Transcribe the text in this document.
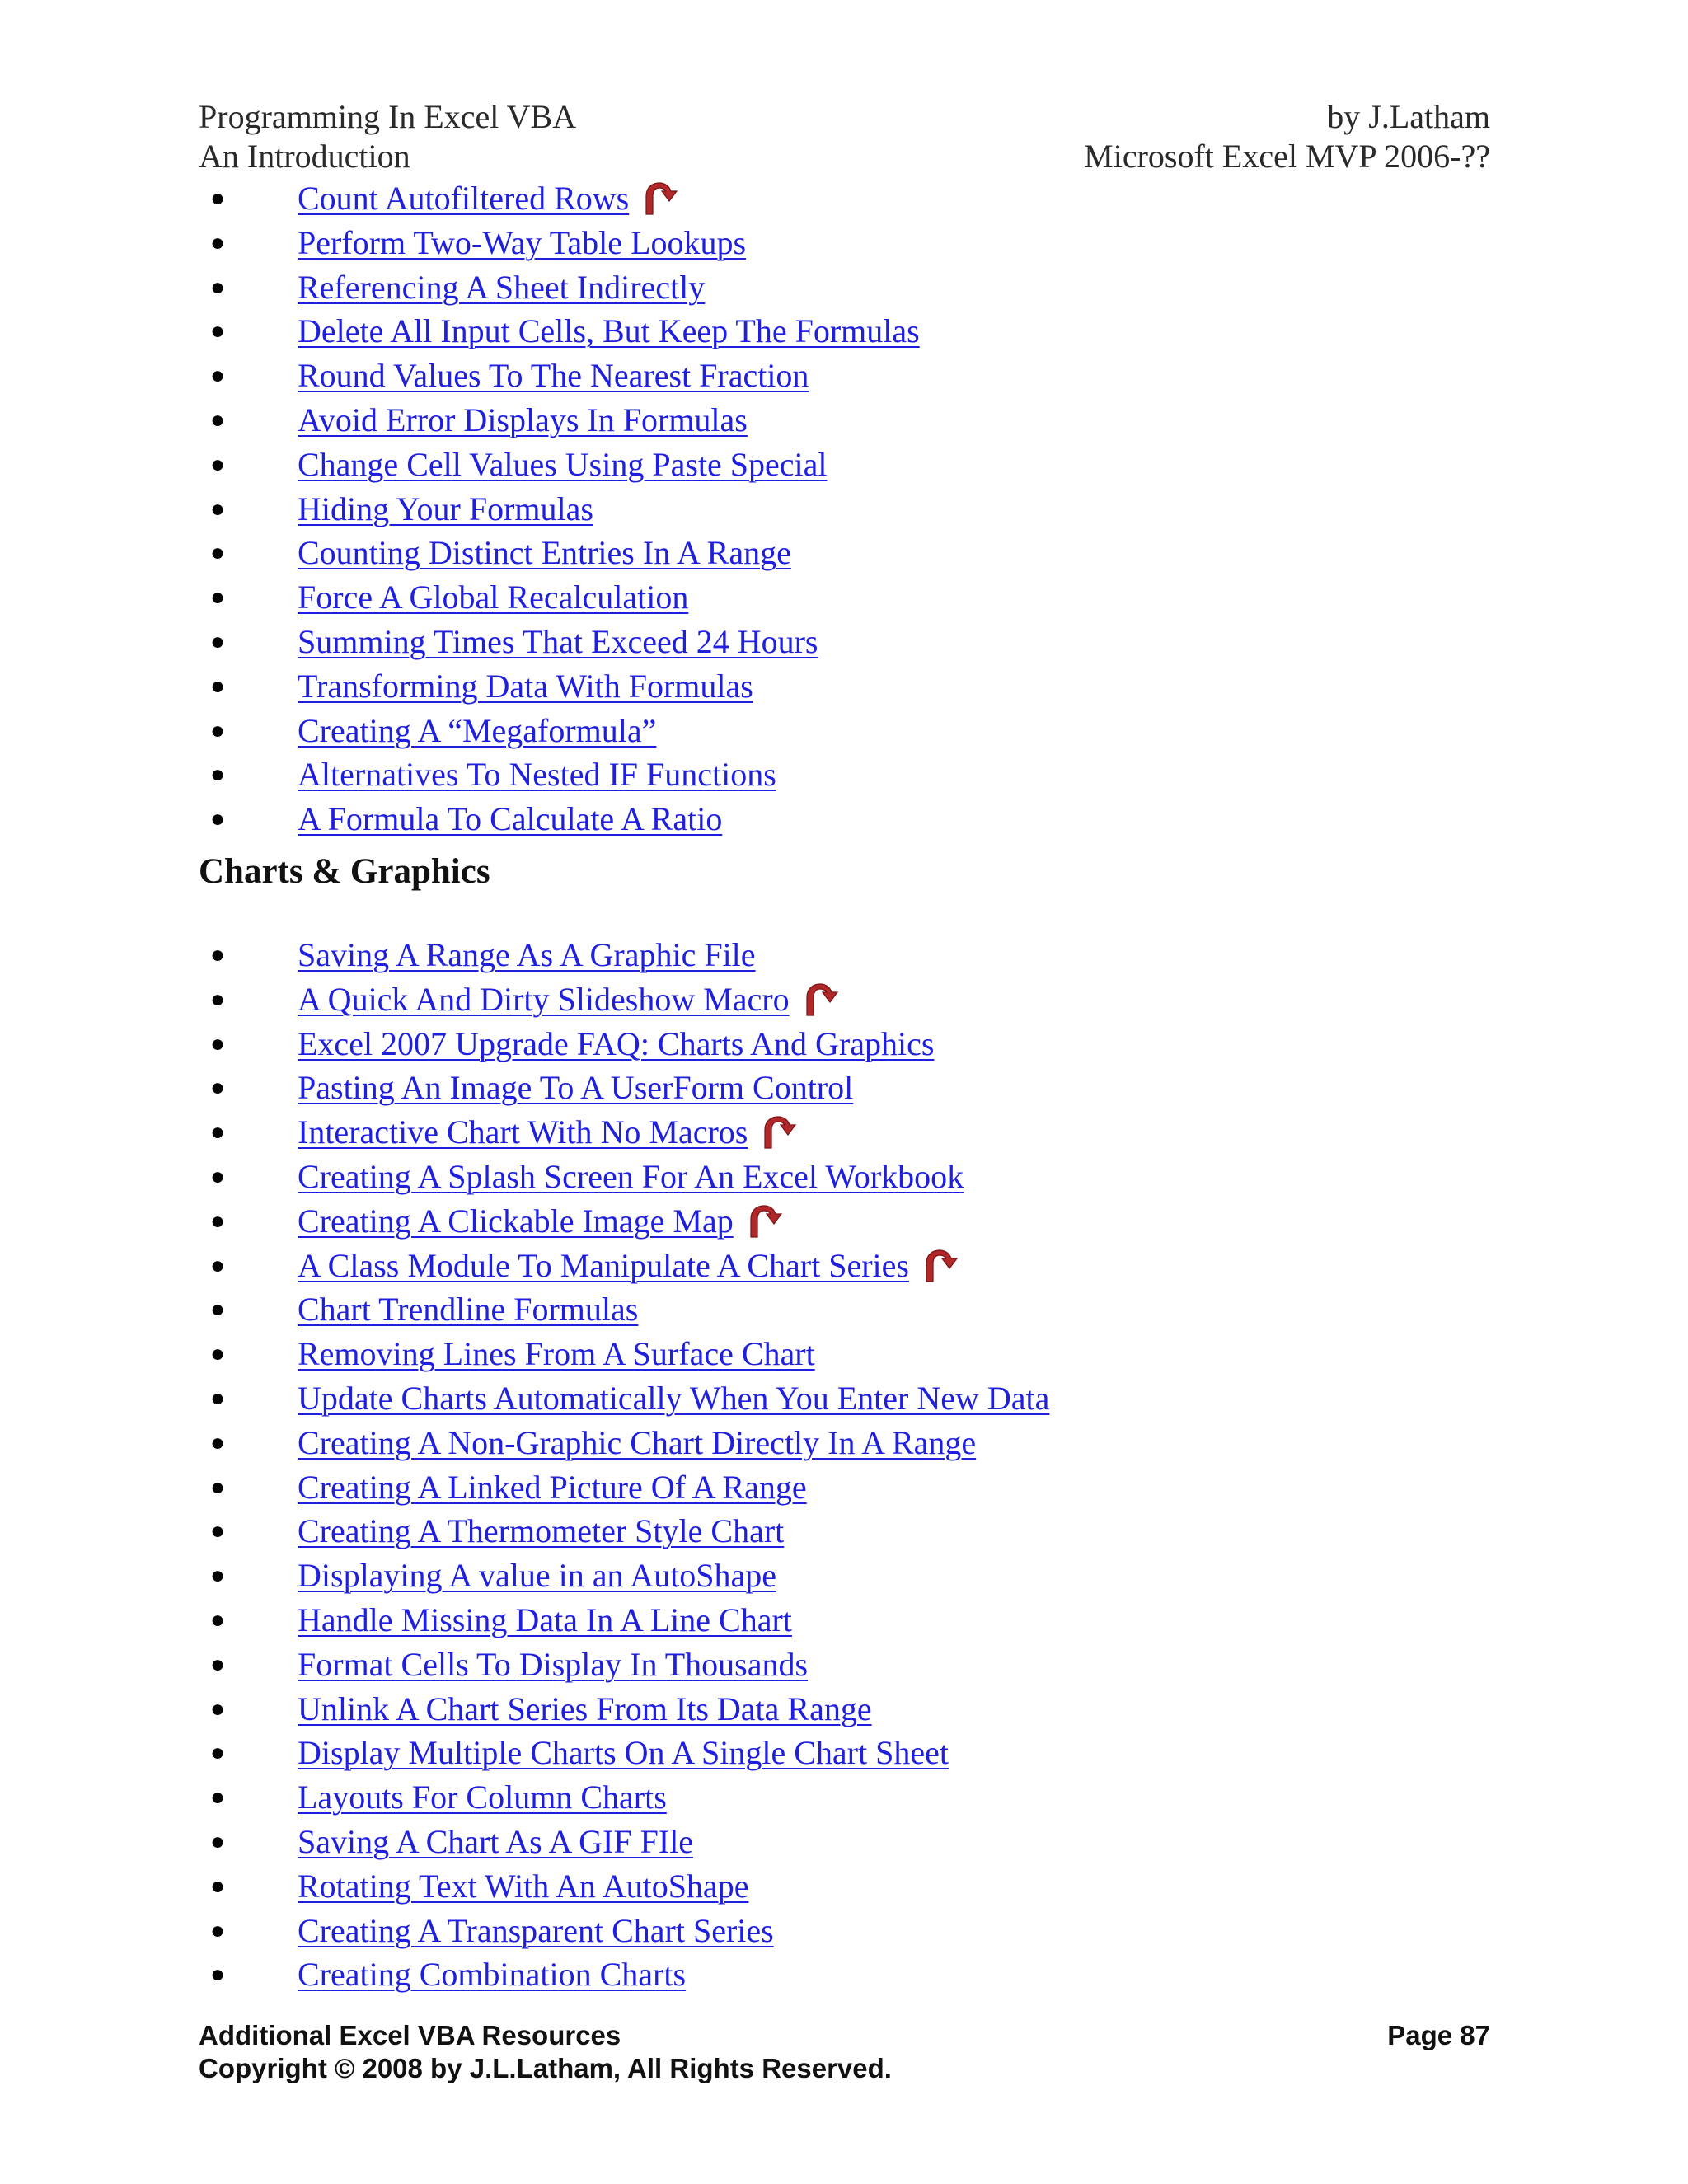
Programming In Excel VBA	by J.Latham
An Introduction	Microsoft Excel MVP 2006-??
● Count Autofiltered Rows
● Perform Two-Way Table Lookups
● Referencing A Sheet Indirectly
● Delete All Input Cells, But Keep The Formulas
● Round Values To The Nearest Fraction
● Avoid Error Displays In Formulas
● Change Cell Values Using Paste Special
● Hiding Your Formulas
● Counting Distinct Entries In A Range
● Force A Global Recalculation
● Summing Times That Exceed 24 Hours
● Transforming Data With Formulas
● Creating A “Megaformula”
● Alternatives To Nested IF Functions
● A Formula To Calculate A Ratio
Charts & Graphics
● Saving A Range As A Graphic File
● A Quick And Dirty Slideshow Macro
● Excel 2007 Upgrade FAQ: Charts And Graphics
● Pasting An Image To A UserForm Control
● Interactive Chart With No Macros
● Creating A Splash Screen For An Excel Workbook
● Creating A Clickable Image Map
● A Class Module To Manipulate A Chart Series
● Chart Trendline Formulas
● Removing Lines From A Surface Chart
● Update Charts Automatically When You Enter New Data
● Creating A Non-Graphic Chart Directly In A Range
● Creating A Linked Picture Of A Range
● Creating A Thermometer Style Chart
● Displaying A value in an AutoShape
● Handle Missing Data In A Line Chart
● Format Cells To Display In Thousands
● Unlink A Chart Series From Its Data Range
● Display Multiple Charts On A Single Chart Sheet
● Layouts For Column Charts
● Saving A Chart As A GIF FIle
● Rotating Text With An AutoShape
● Creating A Transparent Chart Series
● Creating Combination Charts
Additional Excel VBA Resources	Page 87
Copyright © 2008 by J.L.Latham, All Rights Reserved.
